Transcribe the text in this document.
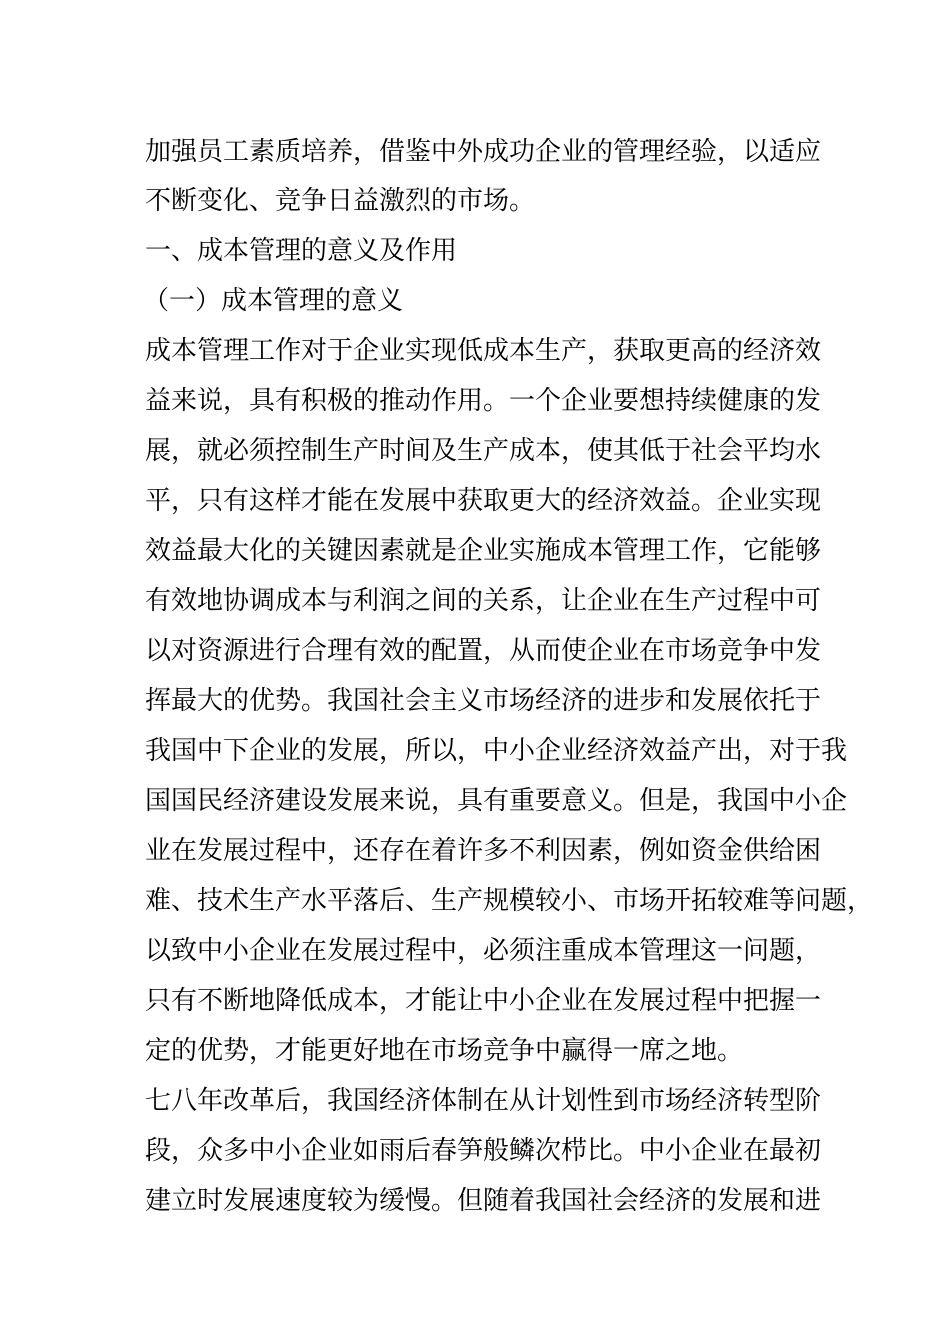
加强员工素质培养，借鉴中外成功企业的管理经验，以适应
不断变化、竞争日益激烈的市场。
一、成本管理的意义及作用
（一）成本管理的意义
成本管理工作对于企业实现低成本生产，获取更高的经济效
益来说，具有积极的推动作用。一个企业要想持续健康的发
展，就必须控制生产时间及生产成本，使其低于社会平均水
平，只有这样才能在发展中获取更大的经济效益。企业实现
效益最大化的关键因素就是企业实施成本管理工作，它能够
有效地协调成本与利润之间的关系，让企业在生产过程中可
以对资源进行合理有效的配置，从而使企业在市场竞争中发
挥最大的优势。我国社会主义市场经济的进步和发展依托于
我国中下企业的发展，所以，中小企业经济效益产出，对于我
国国民经济建设发展来说，具有重要意义。但是，我国中小企
业在发展过程中，还存在着许多不利因素，例如资金供给困
难、技术生产水平落后、生产规模较小、市场开拓较难等问题，
以致中小企业在发展过程中，必须注重成本管理这一问题，
只有不断地降低成本，才能让中小企业在发展过程中把握一
定的优势，才能更好地在市场竞争中赢得一席之地。
七八年改革后，我国经济体制在从计划性到市场经济转型阶
段，众多中小企业如雨后春笋般鳞次栉比。中小企业在最初
建立时发展速度较为缓慢。但随着我国社会经济的发展和进
